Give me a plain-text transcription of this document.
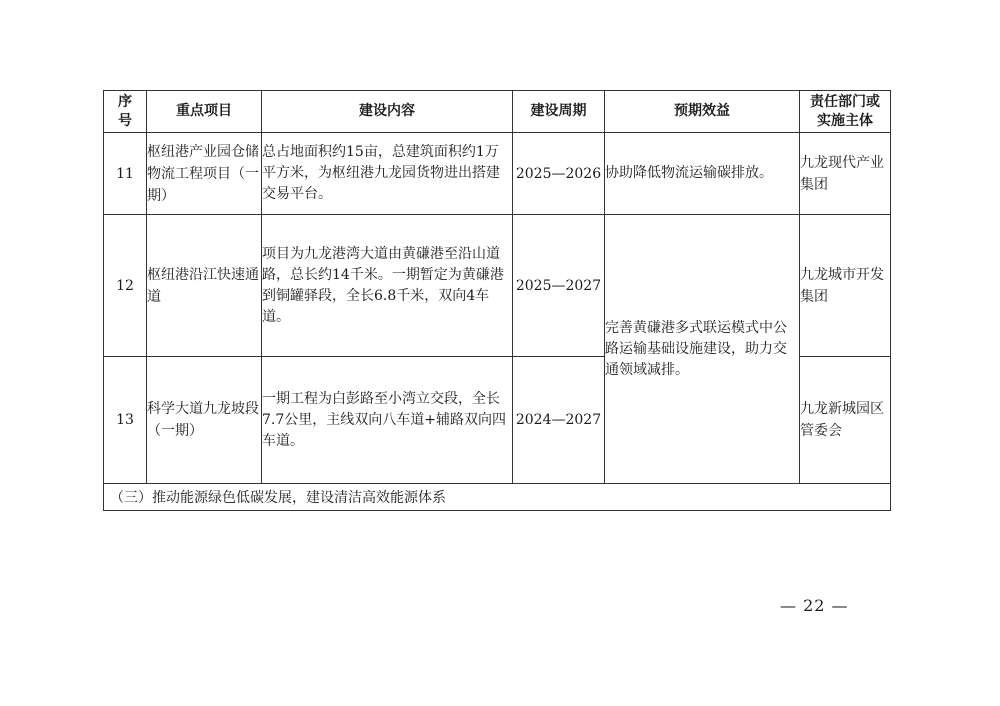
序
号	重点项目	建设内容	建设周期	预期效益	责任部门或
实施主体
11	枢纽港产业园仓储物流工程项目（一期）	总占地面积约15亩，总建筑面积约1万平方米，为枢纽港九龙园货物进出搭建交易平台。	2025—2026	协助降低物流运输碳排放。	九龙现代产业集团
12	枢纽港沿江快速通道	项目为九龙港湾大道由黄磏港至沿山道路，总长约14千米。一期暂定为黄磏港到铜罐驿段，全长6.8千米，双向4车道。	2025—2027	完善黄磏港多式联运模式中公路运输基础设施建设，助力交通领域减排。	九龙城市开发集团
13	科学大道九龙坡段（一期）	一期工程为白彭路至小湾立交段，全长7.7公里，主线双向八车道+辅路双向四车道。	2024—2027		九龙新城园区管委会
（三）推动能源绿色低碳发展，建设清洁高效能源体系					
— 22 —
